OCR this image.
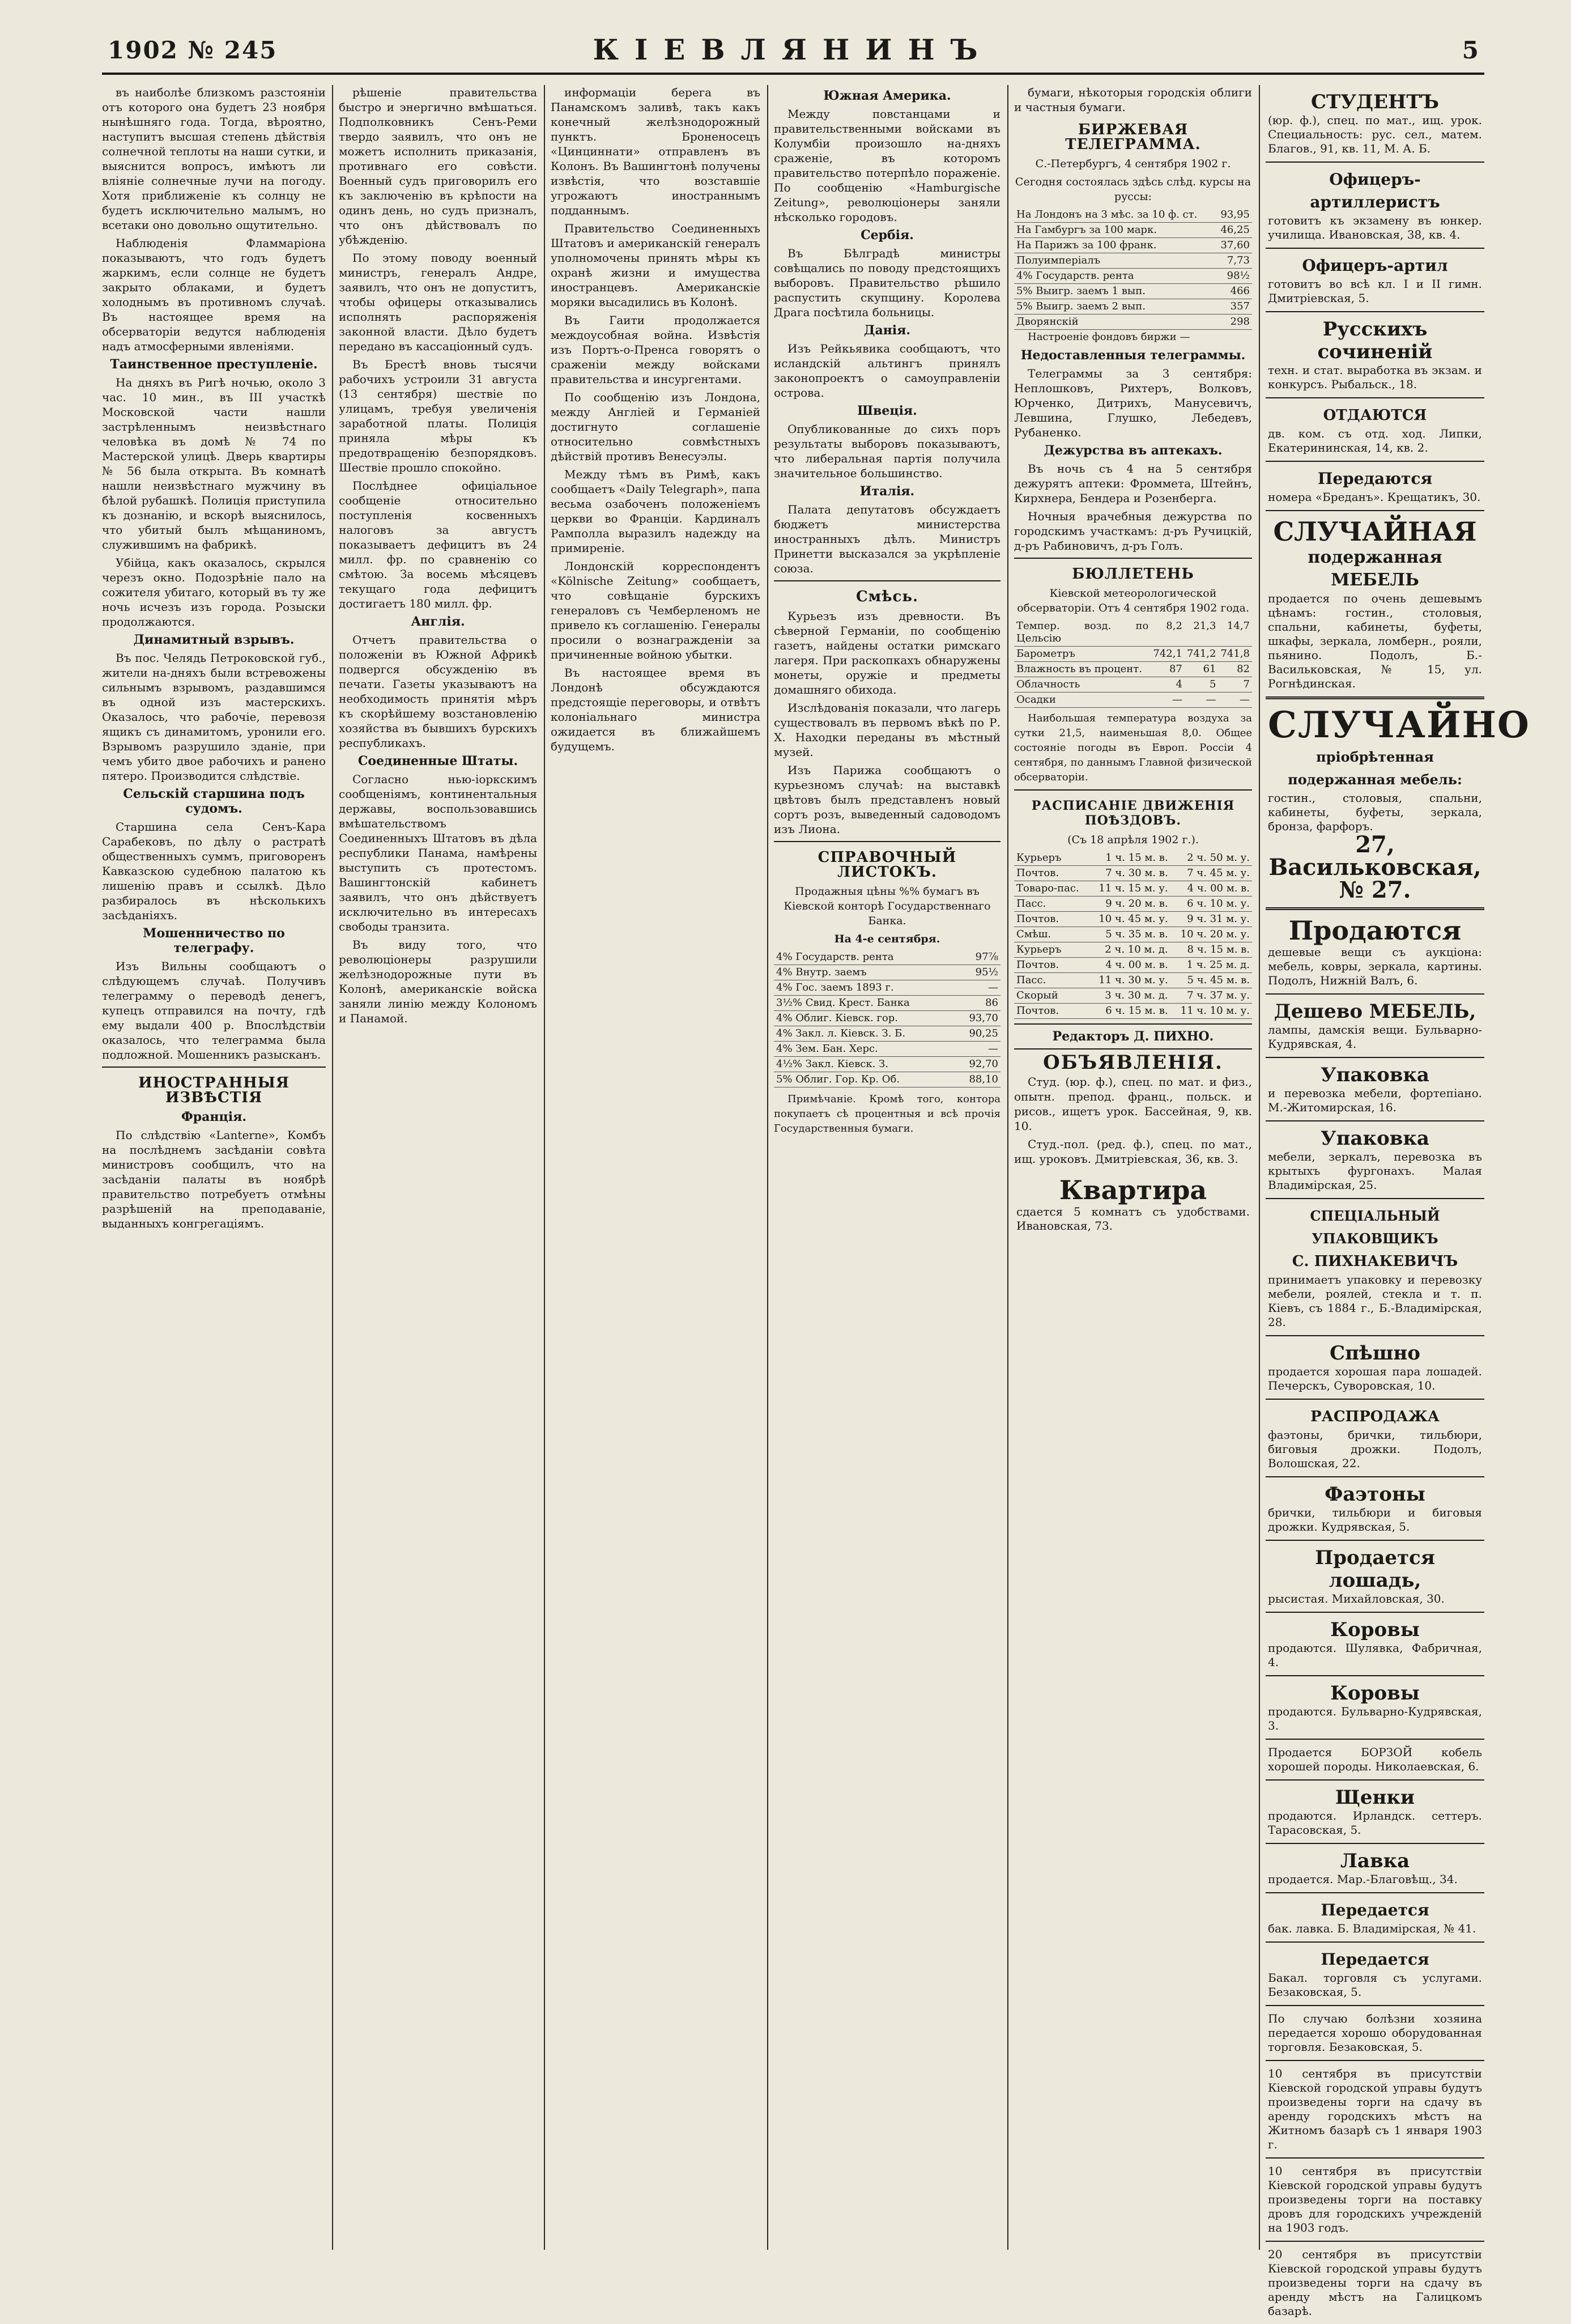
1902 № 245	КІЕВЛЯНИНЪ	5

въ наиболѣе близкомъ разстояніи отъ которого она будетъ 23 ноября нынѣшняго года. Тогда, вѣроятно, наступитъ высшая степень дѣйствія солнечной теплоты на наши сутки, и выяснится вопросъ, имѣютъ ли вліяніе солнечные лучи на погоду. Хотя приближеніе къ солнцу не будетъ исключительно малымъ, но всетаки оно довольно ощутительно.

Наблюденія Фламмаріона показываютъ, что годъ будетъ жаркимъ, если солнце не будетъ закрыто облаками, и будетъ холоднымъ въ противномъ случаѣ. Въ настоящее время на обсерваторіи ведутся наблюденія надъ атмосферными явленіями.

Таинственное преступленіе.

На дняхъ въ Ригѣ ночью, около 3 час. 10 мин., въ III участкѣ Московской части нашли застрѣленнымъ неизвѣстнаго человѣка въ домѣ № 74 по Мастерской улицѣ. Дверь квартиры № 56 была открыта. Въ комнатѣ нашли неизвѣстнаго мужчину въ бѣлой рубашкѣ. Полиція приступила къ дознанію, и вскорѣ выяснилось, что убитый былъ мѣщаниномъ, служившимъ на фабрикѣ.

Убійца, какъ оказалось, скрылся черезъ окно. Подозрѣніе пало на сожителя убитаго, который въ ту же ночь исчезъ изъ города. Розыски продолжаются.

Динамитный взрывъ.

Въ пос. Челядь Петроковской губ., жители на-дняхъ были встревожены сильнымъ взрывомъ, раздавшимся въ одной изъ мастерскихъ. Оказалось, что рабочіе, перевозя ящикъ съ динамитомъ, уронили его. Взрывомъ разрушило зданіе, при чемъ убито двое рабочихъ и ранено пятеро. Производится слѣдствіе.

Сельскій старшина подъ судомъ.

Старшина села Сенъ-Кара Сарабековъ, по дѣлу о растратѣ общественныхъ суммъ, приговоренъ Кавказскою судебною палатою къ лишенію правъ и ссылкѣ. Дѣло разбиралось въ нѣсколькихъ засѣданіяхъ.

Мошенничество по телеграфу.

Изъ Вильны сообщаютъ о слѣдующемъ случаѣ. Получивъ телеграмму о переводѣ денегъ, купецъ отправился на почту, гдѣ ему выдали 400 р. Впослѣдствіи оказалось, что телеграмма была подложной. Мошенникъ разысканъ.

ИНОСТРАННЫЯ ИЗВѢСТІЯ
Франція.

По слѣдствію «Lanterne», Комбъ на послѣднемъ засѣданіи совѣта министровъ сообщилъ, что на засѣданіи палаты въ ноябрѣ правительство потребуетъ отмѣны разрѣшеній на преподаваніе, выданныхъ конгрегаціямъ.

рѣшеніе правительства быстро и энергично вмѣшаться. Подполковникъ Сенъ-Реми твердо заявилъ, что онъ не можетъ исполнить приказанія, противнаго его совѣсти. Военный судъ приговорилъ его къ заключенію въ крѣпости на одинъ день, но судъ призналъ, что онъ дѣйствовалъ по убѣжденію.

По этому поводу военный министръ, генералъ Андре, заявилъ, что онъ не допуститъ, чтобы офицеры отказывались исполнять распоряженія законной власти. Дѣло будетъ передано въ кассаціонный судъ.

Въ Брестѣ вновь тысячи рабочихъ устроили 31 августа (13 сентября) шествіе по улицамъ, требуя увеличенія заработной платы. Полиція приняла мѣры къ предотвращенію безпорядковъ. Шествіе прошло спокойно.

Послѣднее офиціальное сообщеніе относительно поступленія косвенныхъ налоговъ за августъ показываетъ дефицитъ въ 24 милл. фр. по сравненію со смѣтою. За восемь мѣсяцевъ текущаго года дефицитъ достигаетъ 180 милл. фр.

Англія.

Отчетъ правительства о положеніи въ Южной Африкѣ подвергся обсужденію въ печати. Газеты указываютъ на необходимость принятія мѣръ къ скорѣйшему возстановленію хозяйства въ бывшихъ бурскихъ республикахъ.

Соединенные Штаты.

Согласно нью-іоркскимъ сообщеніямъ, континентальныя державы, воспользовавшись вмѣшательствомъ Соединенныхъ Штатовъ въ дѣла республики Панама, намѣрены выступить съ протестомъ. Вашингтонскій кабинетъ заявилъ, что онъ дѣйствуетъ исключительно въ интересахъ свободы транзита.

Въ виду того, что революціонеры разрушили желѣзнодорожные пути въ Колонѣ, американскіе войска заняли линію между Колономъ и Панамой.

информаціи берега въ Панамскомъ заливѣ, такъ какъ конечный желѣзнодорожный пунктъ. Броненосецъ «Цинциннати» отправленъ въ Колонъ. Въ Вашингтонѣ получены извѣстія, что возставшіе угрожаютъ иностраннымъ подданнымъ.

Правительство Соединенныхъ Штатовъ и американскій генералъ уполномочены принять мѣры къ охранѣ жизни и имущества иностранцевъ. Американскіе моряки высадились въ Колонѣ.

Въ Гаити продолжается междоусобная война. Извѣстія изъ Портъ-о-Пренса говорятъ о сраженіи между войсками правительства и инсургентами.

По сообщенію изъ Лондона, между Англіей и Германіей достигнуто соглашеніе относительно совмѣстныхъ дѣйствій противъ Венесуэлы.

Между тѣмъ въ Римѣ, какъ сообщаетъ «Daily Telegraph», папа весьма озабоченъ положеніемъ церкви во Франціи. Кардиналъ Рамполла выразилъ надежду на примиреніе.

Лондонскій корреспондентъ «Kölnische Zeitung» сообщаетъ, что совѣщаніе бурскихъ генераловъ съ Чемберленомъ не привело къ соглашенію. Генералы просили о вознагражденіи за причиненные войною убытки.

Въ настоящее время въ Лондонѣ обсуждаются предстоящіе переговоры, и отвѣтъ колоніальнаго министра ожидается въ ближайшемъ будущемъ.

Южная Америка.

Между повстанцами и правительственными войсками въ Колумбіи произошло на-дняхъ сраженіе, въ которомъ правительство потерпѣло пораженіе. По сообщенію «Hamburgische Zeitung», революціонеры заняли нѣсколько городовъ.

Сербія.

Въ Бѣлградѣ министры совѣщались по поводу предстоящихъ выборовъ. Правительство рѣшило распустить скупщину. Королева Драга посѣтила больницы.

Данія.

Изъ Рейкьявика сообщаютъ, что исландскій альтингъ принялъ законопроектъ о самоуправленіи острова.

Швеція.

Опубликованные до сихъ поръ результаты выборовъ показываютъ, что либеральная партія получила значительное большинство.

Италія.

Палата депутатовъ обсуждаетъ бюджетъ министерства иностранныхъ дѣлъ. Министръ Принетти высказался за укрѣпленіе союза.

Смѣсь.

Курьезъ изъ древности. Въ сѣверной Германіи, по сообщенію газетъ, найдены остатки римскаго лагеря. При раскопкахъ обнаружены монеты, оружіе и предметы домашняго обихода.

Изслѣдованія показали, что лагерь существовалъ въ первомъ вѣкѣ по Р. Х. Находки переданы въ мѣстный музей.

Изъ Парижа сообщаютъ о курьезномъ случаѣ: на выставкѣ цвѣтовъ былъ представленъ новый сортъ розъ, выведенный садоводомъ изъ Лиона.

СПРАВОЧНЫЙ ЛИСТОКЪ.
Продажныя цѣны %% бумагъ въ Кіевской конторѣ Государственнаго Банка.
На 4-е сентября.
4% Государств. рента	97⅞
4% Внутр. заемъ	95½
4% Гос. заемъ 1893 г.	—
3½% Свид. Крест. Банка	86
4% Облиг. Кіевск. гор.	93,70
4% Закл. л. Кіевск. З. Б.	90,25
4% Зем. Бан. Херс.	—
4½% Закл. Кіевск. З.	92,70
5% Облиг. Гор. Кр. Об.	88,10

Примѣчаніе. Кромѣ того, контора покупаетъ сѣ процентныя и всѣ прочія Государственныя бумаги.

бумаги, нѣкоторыя городскія облиги и частныя бумаги.

БИРЖЕВАЯ ТЕЛЕГРАММА.
С.-Петербургъ, 4 сентября 1902 г.
Сегодня состоялась здѣсь слѣд. курсы на руссы:
На Лондонъ на 3 мѣс. за 10 ф. ст.	93,95
На Гамбургъ за 100 марк.	46,25
На Парижъ за 100 франк.	37,60
Полуимперіалъ	7,73
4% Государств. рента	98½
5% Выигр. заемъ 1 вып.	466
5% Выигр. заемъ 2 вып.	357
Дворянскій	298

Настроеніе фондовъ биржи —

Недоставленныя телеграммы.

Телеграммы за 3 сентября: Неплошковъ, Рихтеръ, Волковъ, Юрченко, Дитрихъ, Манусевичъ, Левшина, Глушко, Лебедевъ, Рубаненко.

Дежурства въ аптекахъ.

Въ ночь съ 4 на 5 сентября дежурятъ аптеки: Фроммета, Штейнъ, Кирхнера, Бендера и Розенберга.

Ночныя врачебныя дежурства по городскимъ участкамъ: д-ръ Ручицкій, д-ръ Рабиновичъ, д-ръ Голъ.

БЮЛЛЕТЕНЬ
Кіевской метеорологической обсерваторіи. Отъ 4 сентября 1902 года.
Темпер. возд. по Цельсію	8,2	21,3	14,7
Барометръ	742,1	741,2	741,8
Влажность въ процент.	87	61	82
Облачность	4	5	7
Осадки	—	—	—

Наибольшая температура воздуха за сутки 21,5, наименьшая 8,0. Общее состояніе погоды въ Европ. Россіи 4 сентября, по даннымъ Главной физической обсерваторіи.

РАСПИСАНІЕ ДВИЖЕНІЯ ПОѢЗДОВЪ.
(Съ 18 апрѣля 1902 г.).
Курьеръ	1 ч. 15 м. в.	2 ч. 50 м. у.
Почтов.	7 ч. 30 м. в.	7 ч. 45 м. у.
Товаро-пас.	11 ч. 15 м. у.	4 ч. 00 м. в.
Пасс.	9 ч. 20 м. в.	6 ч. 10 м. у.
Почтов.	10 ч. 45 м. у.	9 ч. 31 м. у.
Смѣш.	5 ч. 35 м. в.	10 ч. 20 м. у.
Курьеръ	2 ч. 10 м. д.	8 ч. 15 м. в.
Почтов.	4 ч. 00 м. в.	1 ч. 25 м. д.
Пасс.	11 ч. 30 м. у.	5 ч. 45 м. в.
Скорый	3 ч. 30 м. д.	7 ч. 37 м. у.
Почтов.	6 ч. 15 м. в.	11 ч. 10 м. у.
Редакторъ Д. ПИХНО.
ОБЪЯВЛЕНІЯ.

Студ. (юр. ф.), спец. по мат. и физ., опытн. препод. франц., польск. и рисов., ищетъ урок. Бассейная, 9, кв. 10.

Студ.-пол. (ред. ф.), спец. по мат., ищ. уроковъ. Дмитріевская, 36, кв. 3.

Квартира
сдается 5 комнатъ съ удобствами. Ивановская, 73.
СТУДЕНТЪ
(юр. ф.), спец. по мат., ищ. урок. Специальность: рус. сел., матем. Благов., 91, кв. 11, М. А. Б.
Офицеръ-артиллеристъ
готовитъ къ экзамену въ юнкер. училища. Ивановская, 38, кв. 4.
Офицеръ-артил
готовитъ во всѣ кл. I и II гимн. Дмитріевская, 5.
Русскихъ сочиненій
техн. и стат. выработка въ экзам. и конкурсъ. Рыбальск., 18.
ОТДАЮТСЯ
дв. ком. съ отд. ход. Липки, Екатерининская, 14, кв. 2.
Передаются
номера «Бреданъ». Крещатикъ, 30.
СЛУЧАЙНАЯ
подержанная МЕБЕЛЬ
продается по очень дешевымъ цѣнамъ: гостин., столовыя, спальни, кабинеты, буфеты, шкафы, зеркала, ломберн., рояли, пьянино. Подолъ, Б.-Васильковская, № 15, ул. Рогнѣдинская.
СЛУЧАЙНО
пріобрѣтенная подержанная мебель:
гостин., столовыя, спальни, кабинеты, буфеты, зеркала, бронза, фарфоръ.
27, Васильковская, № 27.
Продаются
дешевые вещи съ аукціона: мебель, ковры, зеркала, картины. Подолъ, Нижній Валъ, 6.
Дешево МЕБЕЛЬ,
лампы, дамскія вещи. Бульварно-Кудрявская, 4.
Упаковка
и перевозка мебели, фортепіано. М.-Житомирская, 16.
Упаковка
мебели, зеркалъ, перевозка въ крытыхъ фургонахъ. Малая Владимірская, 25.
СПЕЦІАЛЬНЫЙ УПАКОВЩИКЪ
С. ПИХНАКЕВИЧЪ
принимаетъ упаковку и перевозку мебели, роялей, стекла и т. п. Кіевъ, съ 1884 г., Б.-Владимірская, 28.
Спѣшно
продается хорошая пара лошадей. Печерскъ, Суворовская, 10.
РАСПРОДАЖА
фаэтоны, брички, тильбюри, биговыя дрожки. Подолъ, Волошская, 22.
Фаэтоны
брички, тильбюри и биговыя дрожки. Кудрявская, 5.
Продается лошадь,
рысистая. Михайловская, 30.
Коровы
продаются. Шулявка, Фабричная, 4.
Коровы
продаются. Бульварно-Кудрявская, 3.
Продается БОРЗОЙ кобель хорошей породы. Николаевская, 6.
Щенки
продаются. Ирландск. сеттеръ. Тарасовская, 5.
Лавка
продается. Мар.-Благовѣщ., 34.
Передается
бак. лавка. Б. Владимірская, № 41.
Передается
Бакал. торговля съ услугами. Безаковская, 5.
По случаю болѣзни хозяина передается хорошо оборудованная торговля. Безаковская, 5.
10 сентября въ присутствіи Кіевской городской управы будутъ произведены торги на сдачу въ аренду городскихъ мѣстъ на Житномъ базарѣ съ 1 января 1903 г.
10 сентября въ присутствіи Кіевской городской управы будутъ произведены торги на поставку дровъ для городскихъ учрежденій на 1903 годъ.
20 сентября въ присутствіи Кіевской городской управы будутъ произведены торги на сдачу въ аренду мѣстъ на Галицкомъ базарѣ.
